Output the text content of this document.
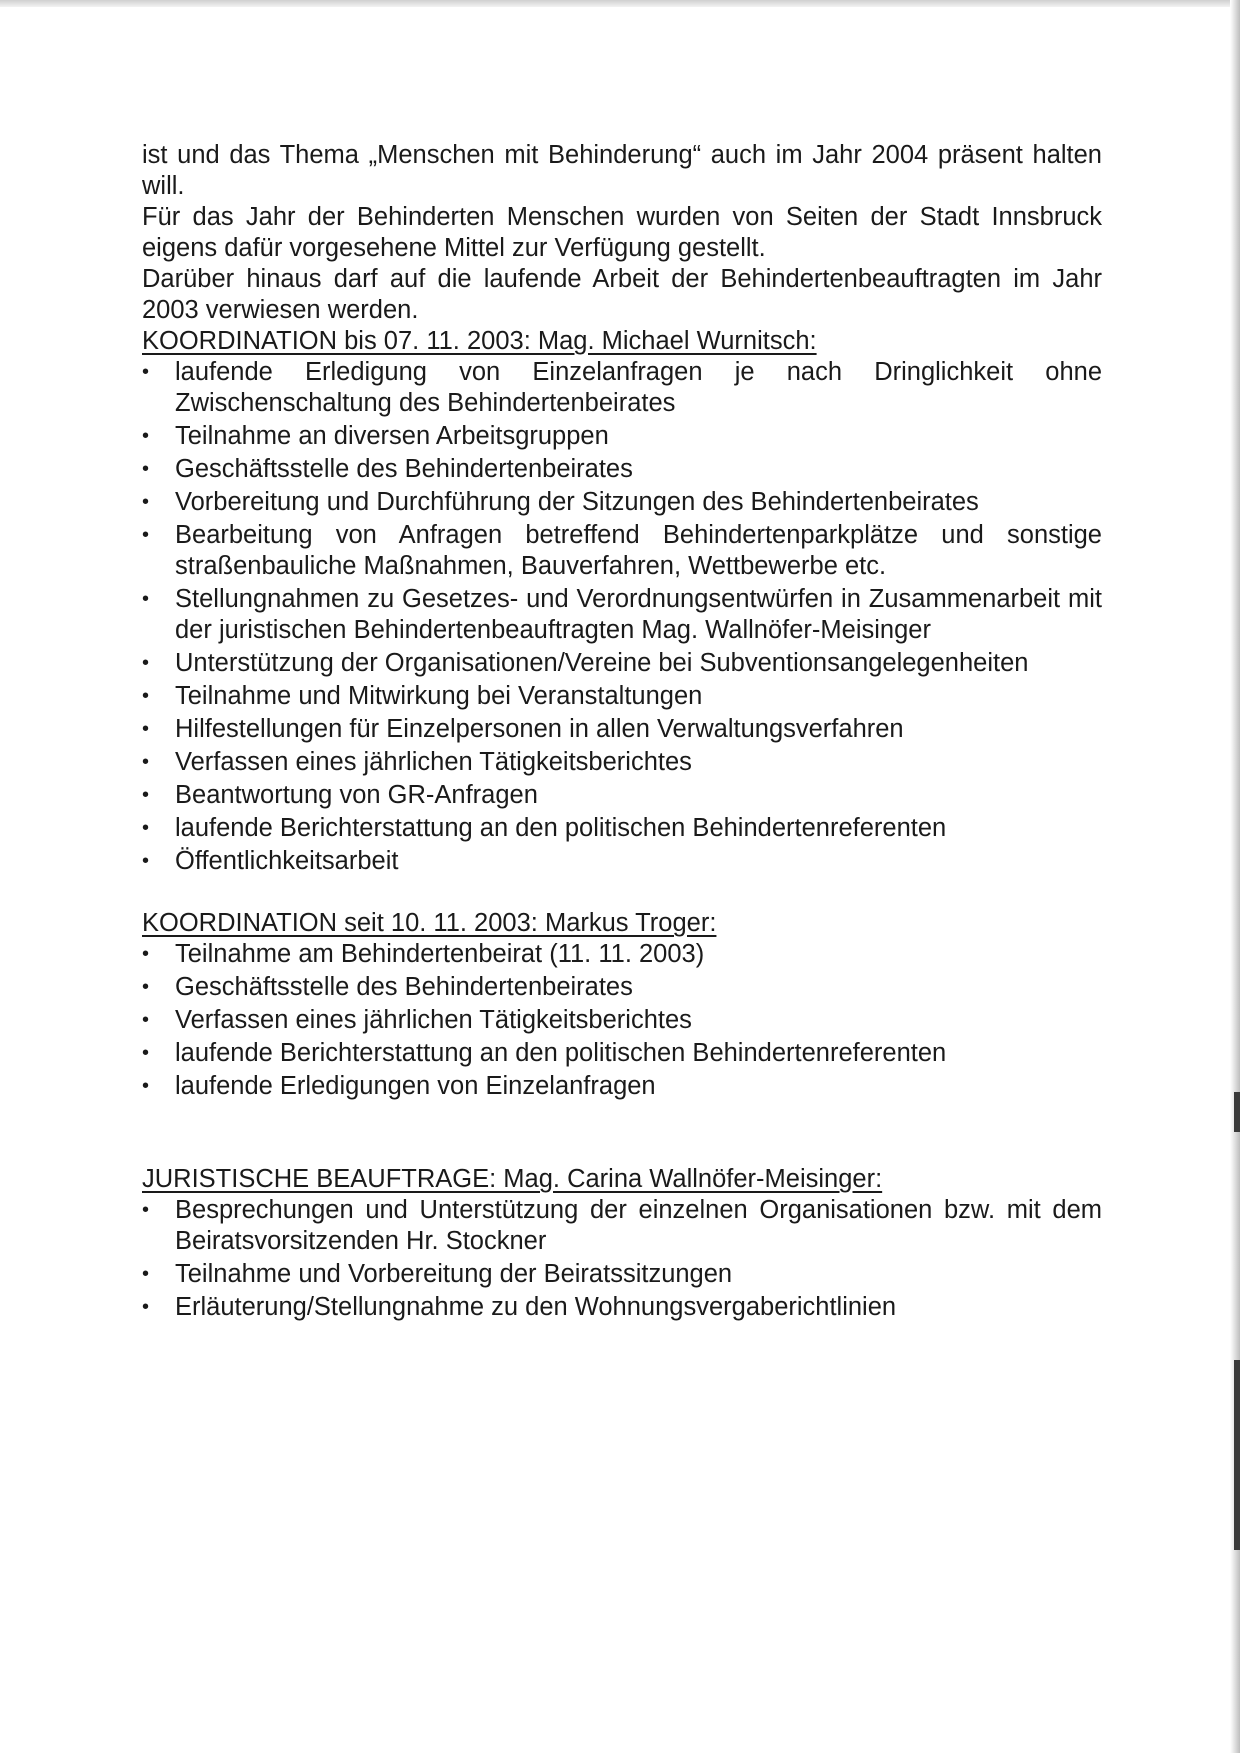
ist und das Thema „Menschen mit Behinderung“ auch im Jahr 2004 präsent halten will.

Für das Jahr der Behinderten Menschen wurden von Seiten der Stadt Innsbruck eigens dafür vorgesehene Mittel zur Verfügung gestellt.

Darüber hinaus darf auf die laufende Arbeit der Behindertenbeauftragten im Jahr 2003 verwiesen werden.

KOORDINATION bis 07. 11. 2003: Mag. Michael Wurnitsch:

•	laufende Erledigung von Einzelanfragen je nach Dringlichkeit ohne Zwischenschaltung des Behindertenbeirates
•	Teilnahme an diversen Arbeitsgruppen
•	Geschäftsstelle des Behindertenbeirates
•	Vorbereitung und Durchführung der Sitzungen des Behindertenbeirates
•	Bearbeitung von Anfragen betreffend Behindertenparkplätze und sonstige straßenbauliche Maßnahmen, Bauverfahren, Wettbewerbe etc.
•	Stellungnahmen zu Gesetzes- und Verordnungsentwürfen in Zusammenarbeit mit der juristischen Behindertenbeauftragten Mag. Wallnöfer-Meisinger
•	Unterstützung der Organisationen/Vereine bei Subventionsangelegenheiten
•	Teilnahme und Mitwirkung bei Veranstaltungen
•	Hilfestellungen für Einzelpersonen in allen Verwaltungsverfahren
•	Verfassen eines jährlichen Tätigkeitsberichtes
•	Beantwortung von GR-Anfragen
•	laufende Berichterstattung an den politischen Behindertenreferenten
•	Öffentlichkeitsarbeit

KOORDINATION seit 10. 11. 2003: Markus Troger:

•	Teilnahme am Behindertenbeirat (11. 11. 2003)
•	Geschäftsstelle des Behindertenbeirates
•	Verfassen eines jährlichen Tätigkeitsberichtes
•	laufende Berichterstattung an den politischen Behindertenreferenten
•	laufende Erledigungen von Einzelanfragen

JURISTISCHE BEAUFTRAGE: Mag. Carina Wallnöfer-Meisinger:

•	Besprechungen und Unterstützung der einzelnen Organisationen bzw. mit dem Beiratsvorsitzenden Hr. Stockner
•	Teilnahme und Vorbereitung der Beiratssitzungen
•	Erläuterung/Stellungnahme zu den Wohnungsvergaberichtlinien
